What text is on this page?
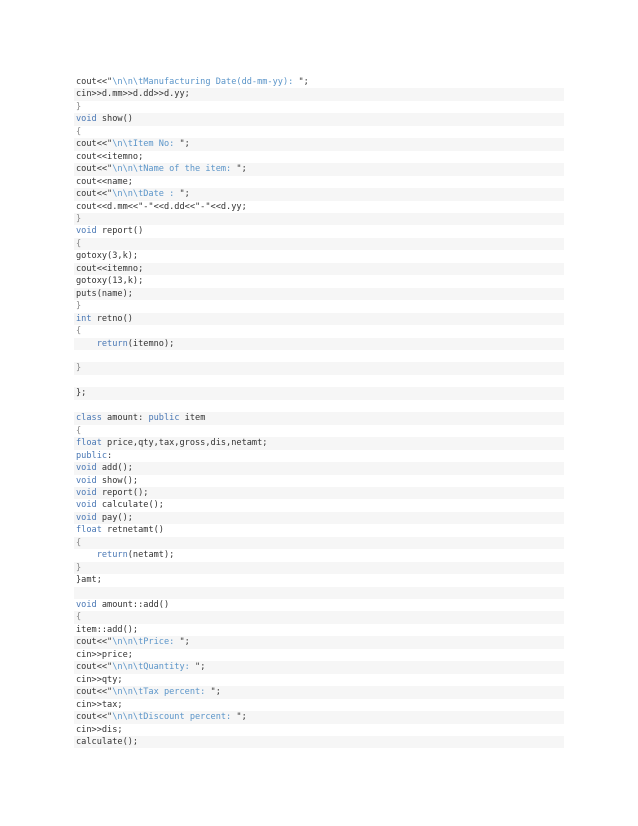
cout<<"\n\n\tManufacturing Date(dd-mm-yy): ";
cin>>d.mm>>d.dd>>d.yy;
}
void show()
{
cout<<"\n\tItem No: ";
cout<<itemno;
cout<<"\n\n\tName of the item: ";
cout<<name;
cout<<"\n\n\tDate : ";
cout<<d.mm<<"-"<<d.dd<<"-"<<d.yy;
}
void report()
{
gotoxy(3,k);
cout<<itemno;
gotoxy(13,k);
puts(name);
}
int retno()
{
return(itemno);

}

};

class amount: public item
{
float price,qty,tax,gross,dis,netamt;
public:
void add();
void show();
void report();
void calculate();
void pay();
float retnetamt()
{
return(netamt);
}
}amt;

void amount::add()
{
item::add();
cout<<"\n\n\tPrice: ";
cin>>price;
cout<<"\n\n\tQuantity: ";
cin>>qty;
cout<<"\n\n\tTax percent: ";
cin>>tax;
cout<<"\n\n\tDiscount percent: ";
cin>>dis;
calculate();
